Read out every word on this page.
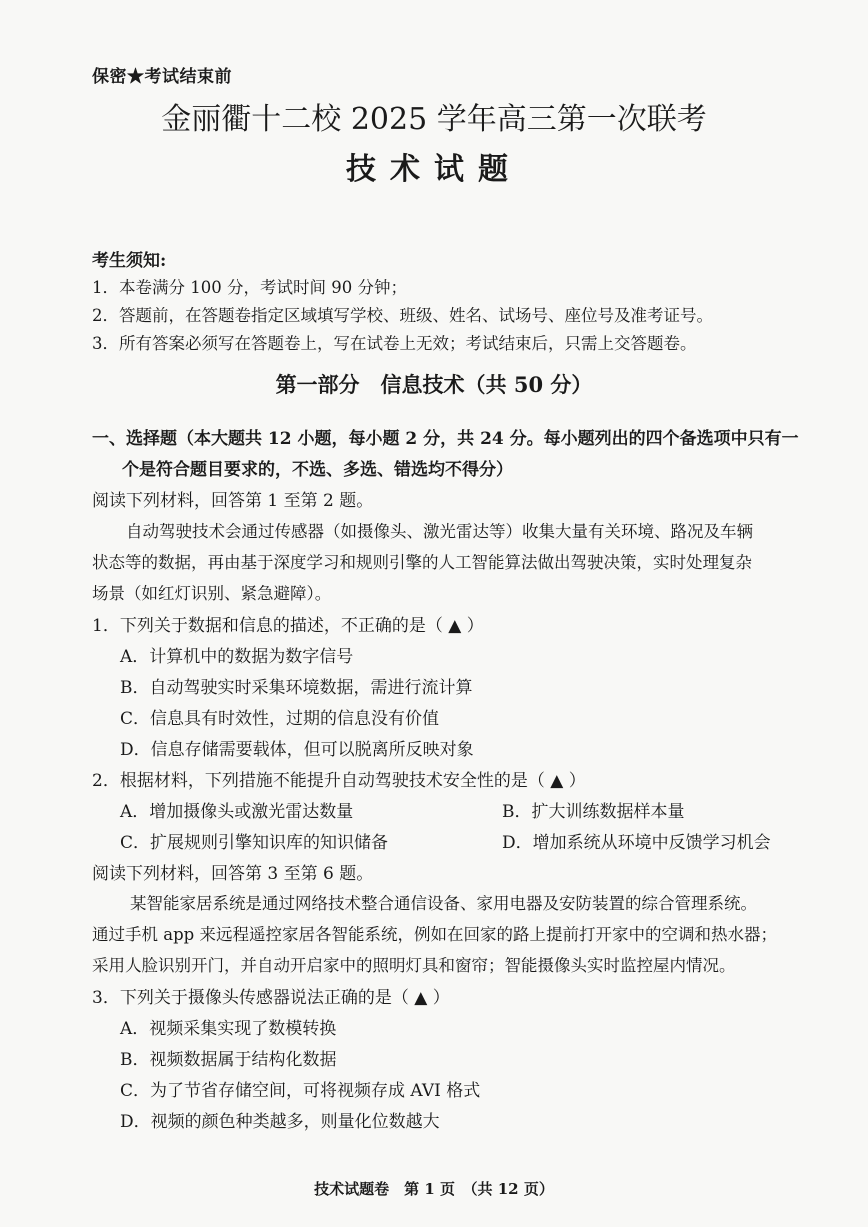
保密★考试结束前
金丽衢十二校 2025 学年高三第一次联考
技术试题
考生须知:
1．本卷满分 100 分，考试时间 90 分钟；
2．答题前，在答题卷指定区域填写学校、班级、姓名、试场号、座位号及准考证号。
3．所有答案必须写在答题卷上，写在试卷上无效；考试结束后，只需上交答题卷。
第一部分　信息技术（共 50 分）
一、选择题（本大题共 12 小题，每小题 2 分，共 24 分。每小题列出的四个备选项中只有一
个是符合题目要求的，不选、多选、错选均不得分）
阅读下列材料，回答第 1 至第 2 题。
自动驾驶技术会通过传感器（如摄像头、激光雷达等）收集大量有关环境、路况及车辆
状态等的数据，再由基于深度学习和规则引擎的人工智能算法做出驾驶决策，实时处理复杂
场景（如红灯识别、紧急避障）。
1．下列关于数据和信息的描述，不正确的是（ ▲ ）
A．计算机中的数据为数字信号
B．自动驾驶实时采集环境数据，需进行流计算
C．信息具有时效性，过期的信息没有价值
D．信息存储需要载体，但可以脱离所反映对象
2．根据材料，下列措施不能提升自动驾驶技术安全性的是（ ▲ ）
A．增加摄像头或激光雷达数量	B．扩大训练数据样本量
C．扩展规则引擎知识库的知识储备	D．增加系统从环境中反馈学习机会
阅读下列材料，回答第 3 至第 6 题。
某智能家居系统是通过网络技术整合通信设备、家用电器及安防装置的综合管理系统。
通过手机 app 来远程遥控家居各智能系统，例如在回家的路上提前打开家中的空调和热水器；
采用人脸识别开门，并自动开启家中的照明灯具和窗帘；智能摄像头实时监控屋内情况。
3．下列关于摄像头传感器说法正确的是（ ▲ ）
A．视频采集实现了数模转换
B．视频数据属于结构化数据
C．为了节省存储空间，可将视频存成 AVI 格式
D．视频的颜色种类越多，则量化位数越大
技术试题卷　第 1 页　（共 12 页）
